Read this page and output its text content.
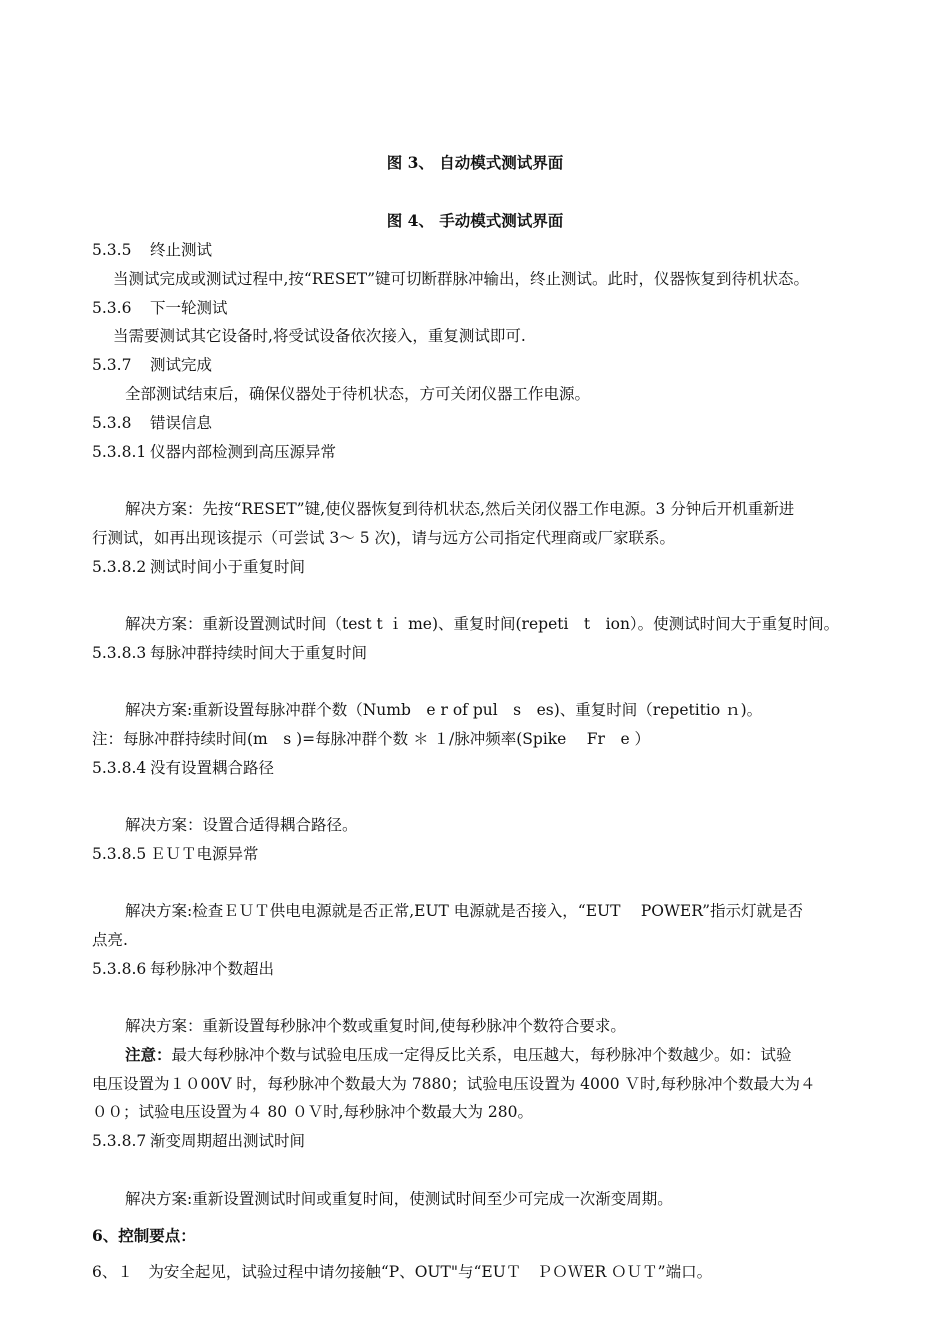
图 3、 自动模式测试界面
图 4、 手动模式测试界面
5.3.5 终止测试
当测试完成或测试过程中,按“RESET”键可切断群脉冲输出，终止测试。此时，仪器恢复到待机状态。
5.3.6 下一轮测试
当需要测试其它设备时,将受试设备依次接入，重复测试即可.
5.3.7 测试完成
全部测试结束后，确保仪器处于待机状态，方可关闭仪器工作电源。
5.3.8 错误信息
5.3.8.1 仪器内部检测到高压源异常
解决方案：先按“RESET”键,使仪器恢复到待机状态,然后关闭仪器工作电源。3 分钟后开机重新进
行测试，如再出现该提示（可尝试 3～ 5 次)，请与远方公司指定代理商或厂家联系。
5.3.8.2 测试时间小于重复时间
解决方案：重新设置测试时间（test t ｉ me)、重复时间(repeti　t　ion）。使测试时间大于重复时间。
5.3.8.3 每脉冲群持续时间大于重复时间
解决方案:重新设置每脉冲群个数（Numb　e r of pul　s　es)、重复时间（repetitio ｎ)。
注：每脉冲群持续时间(m　s )=每脉冲群个数 ＊ １/脉冲频率(Spike　 Fr　e ）
5.3.8.4 没有设置耦合路径
解决方案：设置合适得耦合路径。
5.3.8.5 ＥＵＴ电源异常
解决方案:检查ＥＵＴ供电电源就是否正常,EUT 电源就是否接入，“EUT　 POWER”指示灯就是否
点亮.
5.3.8.6 每秒脉冲个数超出
解决方案：重新设置每秒脉冲个数或重复时间,使每秒脉冲个数符合要求。
注意：最大每秒脉冲个数与试验电压成一定得反比关系，电压越大，每秒脉冲个数越少。如：试验
电压设置为１０00V 时，每秒脉冲个数最大为 7880；试验电压设置为 4000 Ｖ时,每秒脉冲个数最大为４
００；试验电压设置为４ 80 ０Ｖ时,每秒脉冲个数最大为 280。
5.3.8.7 渐变周期超出测试时间
解决方案:重新设置测试时间或重复时间，使测试时间至少可完成一次渐变周期。
6、控制要点：
6、１　为安全起见，试验过程中请勿接触“P、OUT"与“EUＴ　ＰＯＷER ＯＵＴ”端口。
